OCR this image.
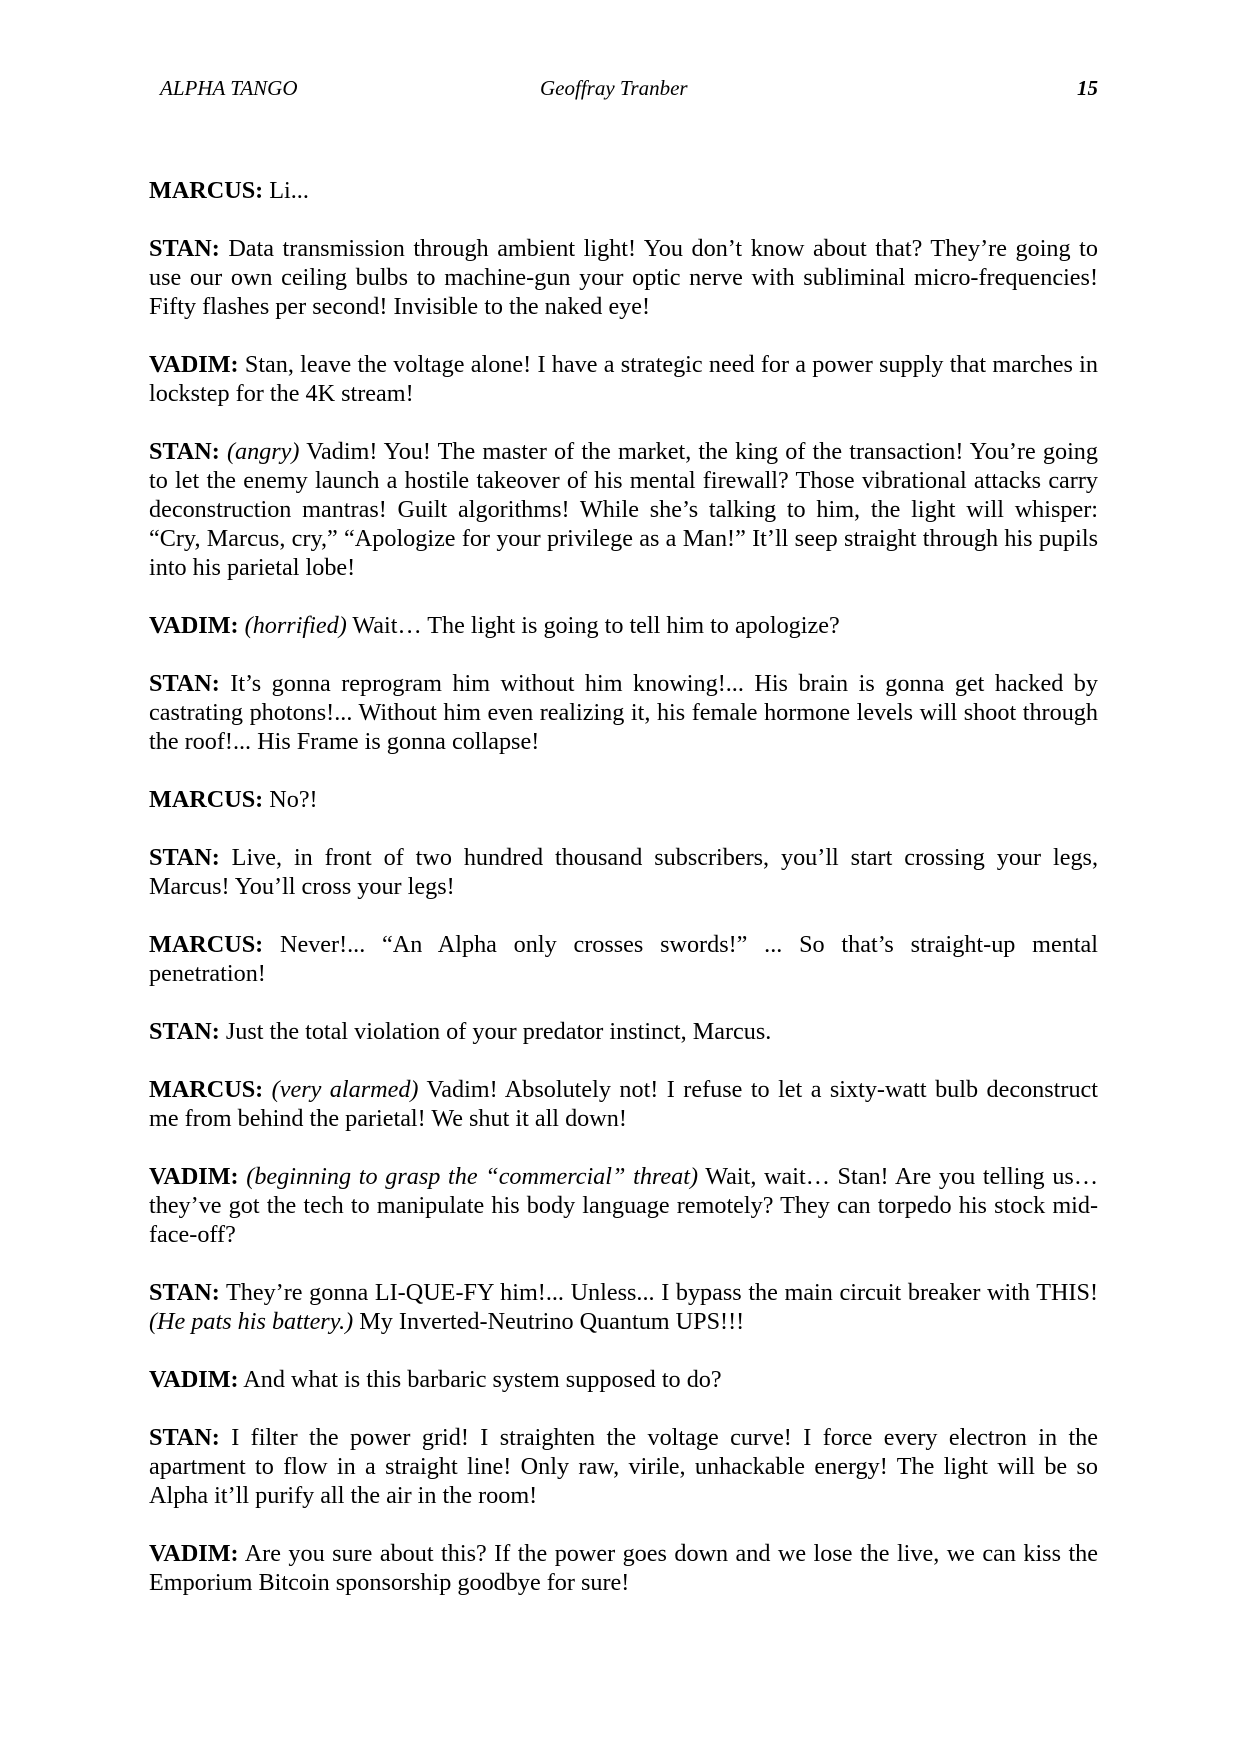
ALPHA TANGO	Geoffray Tranber	15

MARCUS: Li...

STAN: Data transmission through ambient light! You don’t know about that? They’re going to use our own ceiling bulbs to machine-gun your optic nerve with subliminal micro-frequencies! Fifty flashes per second! Invisible to the naked eye!

VADIM: Stan, leave the voltage alone! I have a strategic need for a power supply that marches in lockstep for the 4K stream!

STAN: (angry) Vadim! You! The master of the market, the king of the transaction! You’re going to let the enemy launch a hostile takeover of his mental firewall? Those vibrational attacks carry deconstruction mantras! Guilt algorithms! While she’s talking to him, the light will whisper: “Cry, Marcus, cry,” “Apologize for your privilege as a Man!” It’ll seep straight through his pupils into his parietal lobe!

VADIM: (horrified) Wait… The light is going to tell him to apologize?

STAN: It’s gonna reprogram him without him knowing!... His brain is gonna get hacked by castrating photons!... Without him even realizing it, his female hormone levels will shoot through the roof!... His Frame is gonna collapse!

MARCUS: No?!

STAN: Live, in front of two hundred thousand subscribers, you’ll start crossing your legs, Marcus! You’ll cross your legs!

MARCUS: Never!... “An Alpha only crosses swords!” ... So that’s straight-up mental penetration!

STAN: Just the total violation of your predator instinct, Marcus.

MARCUS: (very alarmed) Vadim! Absolutely not! I refuse to let a sixty-watt bulb deconstruct me from behind the parietal! We shut it all down!

VADIM: (beginning to grasp the “commercial” threat) Wait, wait… Stan! Are you telling us… they’ve got the tech to manipulate his body language remotely? They can torpedo his stock mid-face-off?

STAN: They’re gonna LI-QUE-FY him!... Unless... I bypass the main circuit breaker with THIS! (He pats his battery.) My Inverted-Neutrino Quantum UPS!!!

VADIM: And what is this barbaric system supposed to do?

STAN: I filter the power grid! I straighten the voltage curve! I force every electron in the apartment to flow in a straight line! Only raw, virile, unhackable energy! The light will be so Alpha it’ll purify all the air in the room!

VADIM: Are you sure about this? If the power goes down and we lose the live, we can kiss the Emporium Bitcoin sponsorship goodbye for sure!
